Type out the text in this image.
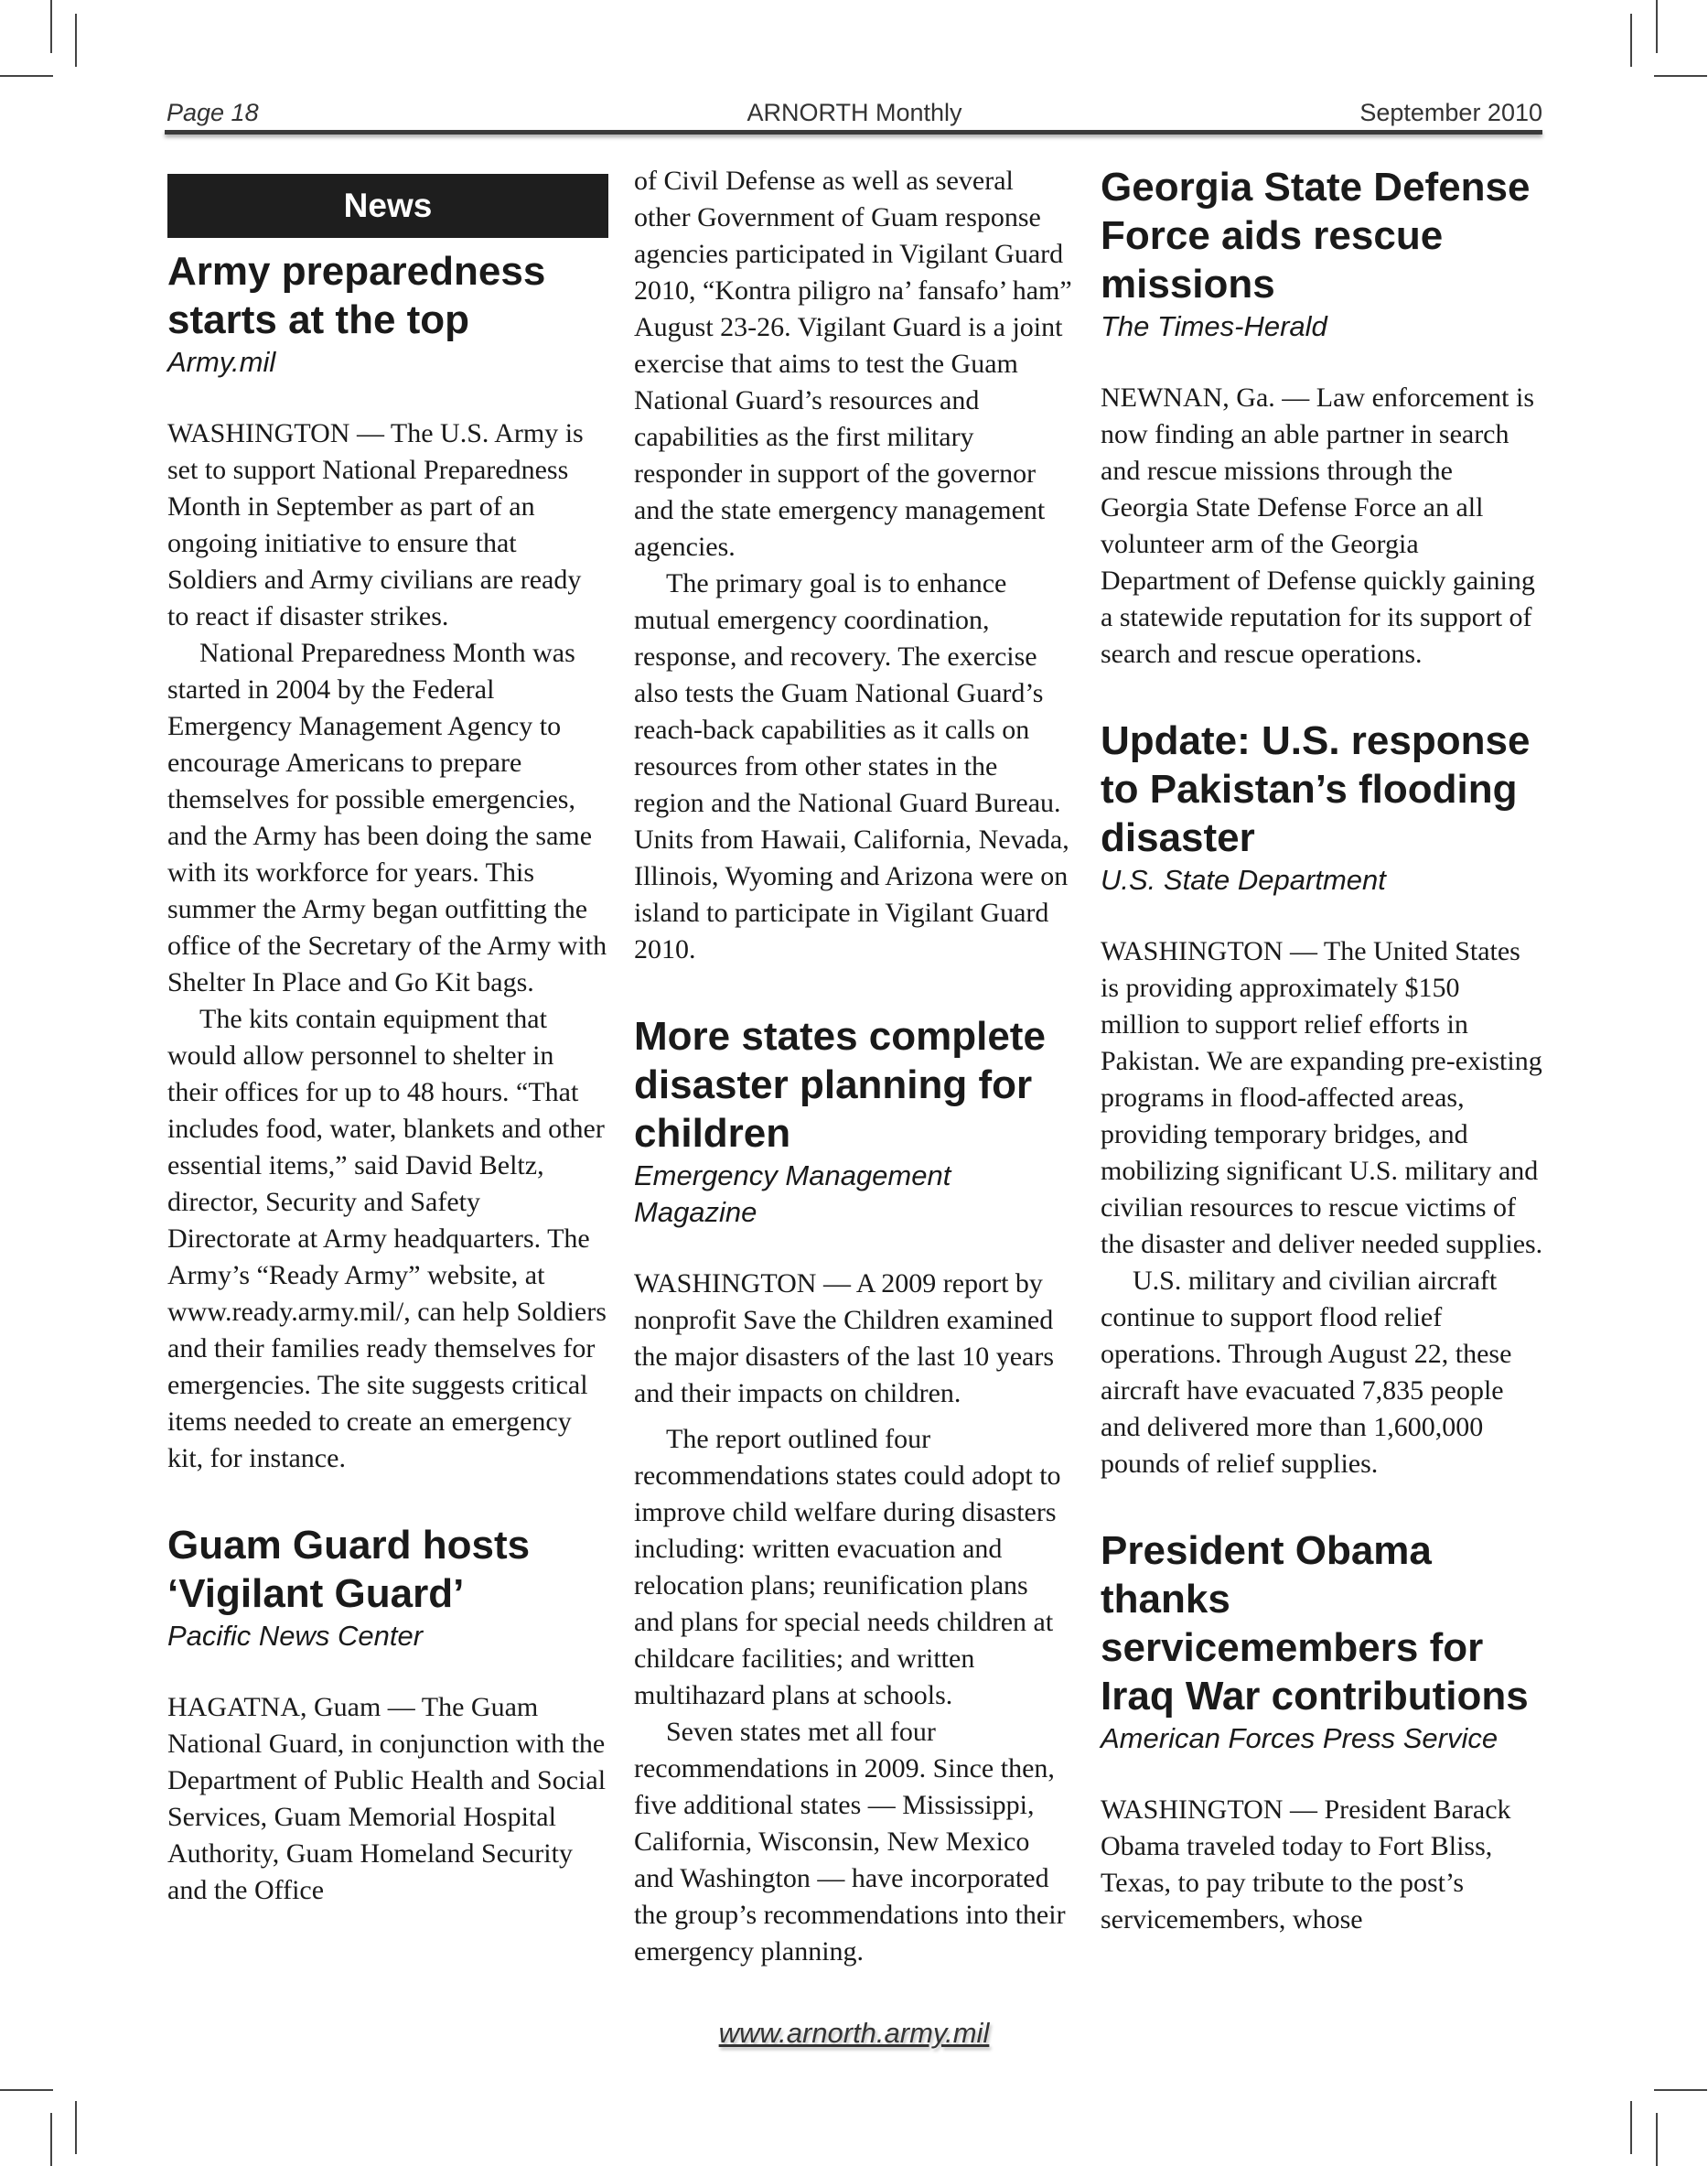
Page 18	ARNORTH Monthly	September 2010
News
Army preparedness starts at the top
Army.mil

WASHINGTON — The U.S. Army is set to support National Preparedness Month in September as part of an ongoing initiative to ensure that Soldiers and Army civilians are ready to react if disaster strikes.

National Preparedness Month was started in 2004 by the Federal Emergency Management Agency to encourage Americans to prepare themselves for possible emergencies, and the Army has been doing the same with its workforce for years. This summer the Army began outfitting the office of the Secretary of the Army with Shelter In Place and Go Kit bags.

The kits contain equipment that would allow personnel to shelter in their offices for up to 48 hours. “That includes food, water, blankets and other essential items,” said David Beltz, director, Security and Safety Directorate at Army headquarters. The Army’s “Ready Army” website, at www.ready.army.mil/, can help Soldiers and their families ready themselves for emergencies. The site suggests critical items needed to create an emergency kit, for instance.

Guam Guard hosts ‘Vigilant Guard’
Pacific News Center

HAGATNA, Guam — The Guam National Guard, in conjunction with the Department of Public Health and Social Services, Guam Memorial Hospital Authority, Guam Homeland Security and the Office

of Civil Defense as well as several other Government of Guam response agencies participated in Vigilant Guard 2010, “Kontra piligro na’ fansafo’ ham” August 23-26. Vigilant Guard is a joint exercise that aims to test the Guam National Guard’s resources and capabilities as the first military responder in support of the governor and the state emergency management agencies.

The primary goal is to enhance mutual emergency coordination, response, and recovery. The exercise also tests the Guam National Guard’s reach-back capabilities as it calls on resources from other states in the region and the National Guard Bureau. Units from Hawaii, California, Nevada, Illinois, Wyoming and Arizona were on island to participate in Vigilant Guard 2010.

More states complete disaster planning for children
Emergency Management Magazine

WASHINGTON — A 2009 report by nonprofit Save the Children examined the major disasters of the last 10 years and their impacts on children.

The report outlined four recommendations states could adopt to improve child welfare during disasters including: written evacuation and relocation plans; reunification plans and plans for special needs children at childcare facilities; and written multihazard plans at schools.

Seven states met all four recommendations in 2009. Since then, five additional states — Mississippi, California, Wisconsin, New Mexico and Washington — have incorporated the group’s recommendations into their emergency planning.

Georgia State Defense Force aids rescue missions
The Times-Herald

NEWNAN, Ga. — Law enforcement is now finding an able partner in search and rescue missions through the Georgia State Defense Force an all volunteer arm of the Georgia Department of Defense quickly gaining a statewide reputation for its support of search and rescue operations.

Update: U.S. response to Pakistan’s flooding disaster
U.S. State Department

WASHINGTON — The United States is providing approximately $150 million to support relief efforts in Pakistan. We are expanding pre-existing programs in flood-affected areas, providing temporary bridges, and mobilizing significant U.S. military and civilian resources to rescue victims of the disaster and deliver needed supplies.

U.S. military and civilian aircraft continue to support flood relief operations. Through August 22, these aircraft have evacuated 7,835 people and delivered more than 1,600,000 pounds of relief supplies.

President Obama thanks servicemembers for Iraq War contributions
American Forces Press Service

WASHINGTON — President Barack Obama traveled today to Fort Bliss, Texas, to pay tribute to the post’s servicemembers, whose

www.arnorth.army.mil
